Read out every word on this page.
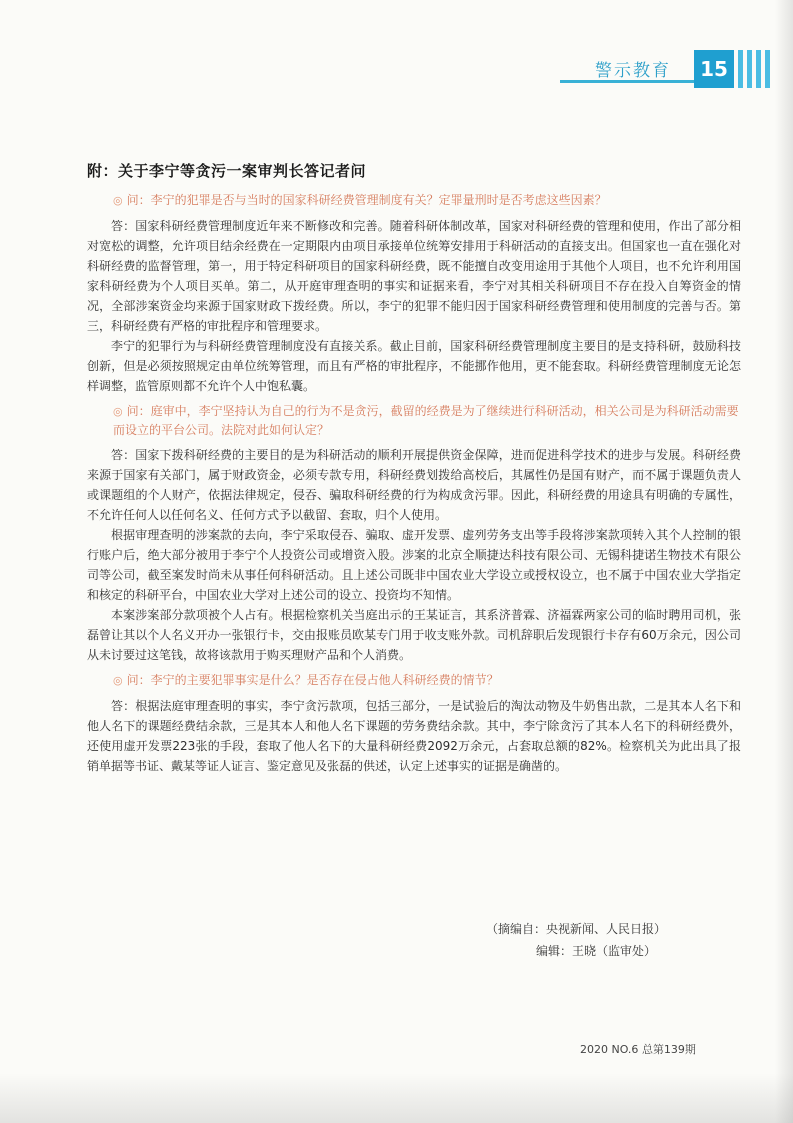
警示教育	15
附：关于李宁等贪污一案审判长答记者问
◎ 问：李宁的犯罪是否与当时的国家科研经费管理制度有关？定罪量刑时是否考虑这些因素？

答：国家科研经费管理制度近年来不断修改和完善。随着科研体制改革，国家对科研经费的管理和使用，作出了部分相对宽松的调整，允许项目结余经费在一定期限内由项目承接单位统筹安排用于科研活动的直接支出。但国家也一直在强化对科研经费的监督管理，第一，用于特定科研项目的国家科研经费，既不能擅自改变用途用于其他个人项目，也不允许利用国家科研经费为个人项目买单。第二，从开庭审理查明的事实和证据来看，李宁对其相关科研项目不存在投入自筹资金的情况，全部涉案资金均来源于国家财政下拨经费。所以，李宁的犯罪不能归因于国家科研经费管理和使用制度的完善与否。第三，科研经费有严格的审批程序和管理要求。

李宁的犯罪行为与科研经费管理制度没有直接关系。截止目前，国家科研经费管理制度主要目的是支持科研，鼓励科技创新，但是必须按照规定由单位统筹管理，而且有严格的审批程序，不能挪作他用，更不能套取。科研经费管理制度无论怎样调整，监管原则都不允许个人中饱私囊。

◎ 问：庭审中，李宁坚持认为自己的行为不是贪污，截留的经费是为了继续进行科研活动，相关公司是为科研活动需要而设立的平台公司。法院对此如何认定？

答：国家下拨科研经费的主要目的是为科研活动的顺利开展提供资金保障，进而促进科学技术的进步与发展。科研经费来源于国家有关部门，属于财政资金，必须专款专用，科研经费划拨给高校后，其属性仍是国有财产，而不属于课题负责人或课题组的个人财产，依据法律规定，侵吞、骗取科研经费的行为构成贪污罪。因此，科研经费的用途具有明确的专属性，不允许任何人以任何名义、任何方式予以截留、套取，归个人使用。

根据审理查明的涉案款的去向，李宁采取侵吞、骗取、虚开发票、虚列劳务支出等手段将涉案款项转入其个人控制的银行账户后，绝大部分被用于李宁个人投资公司或增资入股。涉案的北京全顺捷达科技有限公司、无锡科捷诺生物技术有限公司等公司，截至案发时尚未从事任何科研活动。且上述公司既非中国农业大学设立或授权设立，也不属于中国农业大学指定和核定的科研平台，中国农业大学对上述公司的设立、投资均不知情。

本案涉案部分款项被个人占有。根据检察机关当庭出示的王某证言，其系济普霖、济福霖两家公司的临时聘用司机，张磊曾让其以个人名义开办一张银行卡，交由报账员欧某专门用于收支账外款。司机辞职后发现银行卡存有60万余元，因公司从未讨要过这笔钱，故将该款用于购买理财产品和个人消费。

◎ 问：李宁的主要犯罪事实是什么？是否存在侵占他人科研经费的情节？

答：根据法庭审理查明的事实，李宁贪污款项，包括三部分，一是试验后的淘汰动物及牛奶售出款，二是其本人名下和他人名下的课题经费结余款，三是其本人和他人名下课题的劳务费结余款。其中，李宁除贪污了其本人名下的科研经费外，还使用虚开发票223张的手段，套取了他人名下的大量科研经费2092万余元，占套取总额的82%。检察机关为此出具了报销单据等书证、戴某等证人证言、鉴定意见及张磊的供述，认定上述事实的证据是确凿的。

（摘编自：央视新闻、人民日报）
编辑：王晓（监审处）
2020 NO.6 总第139期
